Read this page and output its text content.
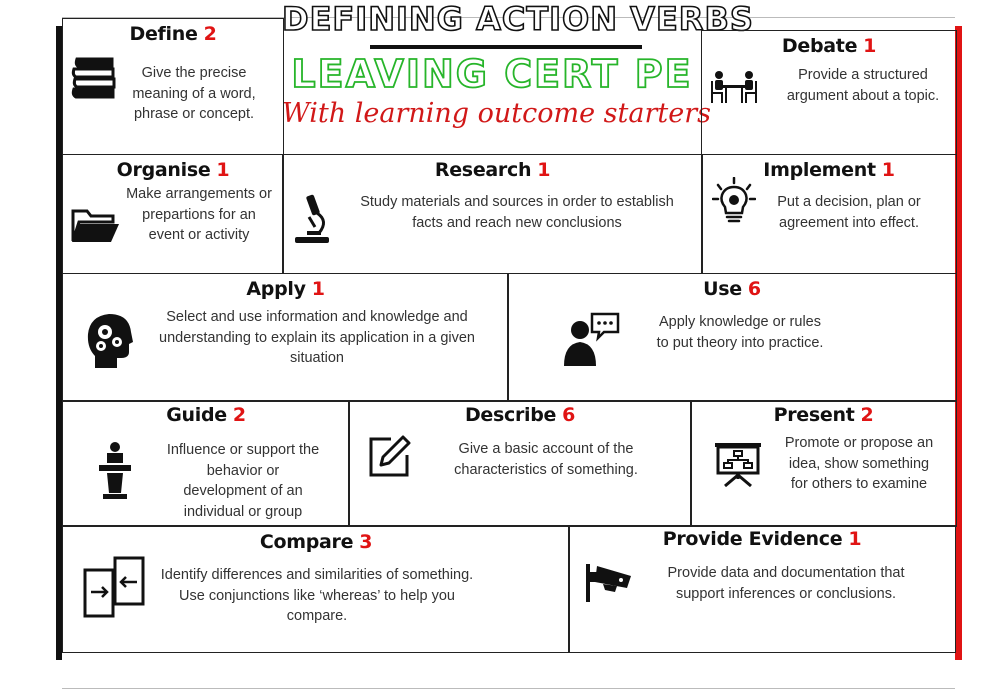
DEFINING ACTION VERBS
LEAVING CERT PE
With learning outcome starters
Define 2
Give the precise meaning of a word, phrase or concept.
Debate 1
Provide a structured argument about a topic.
Organise 1
Make arrangements or prepartions for an event or activity
Research 1
Study materials and sources in order to establish facts and reach new conclusions
Implement 1
Put a decision, plan or agreement into effect.
Apply 1
Select and use information and knowledge and understanding to explain its application in a given situation
Use 6
Apply knowledge or rules to put theory into practice.
Guide 2
Influence or support the behavior or development of an individual or group
Describe 6
Give a basic account of the characteristics of something.
Present 2
Promote or propose an idea, show something for others to examine
Compare 3
Identify differences and similarities of something. Use conjunctions like ‘whereas’ to help you compare.
Provide Evidence 1
Provide data and documentation that support inferences or conclusions.
